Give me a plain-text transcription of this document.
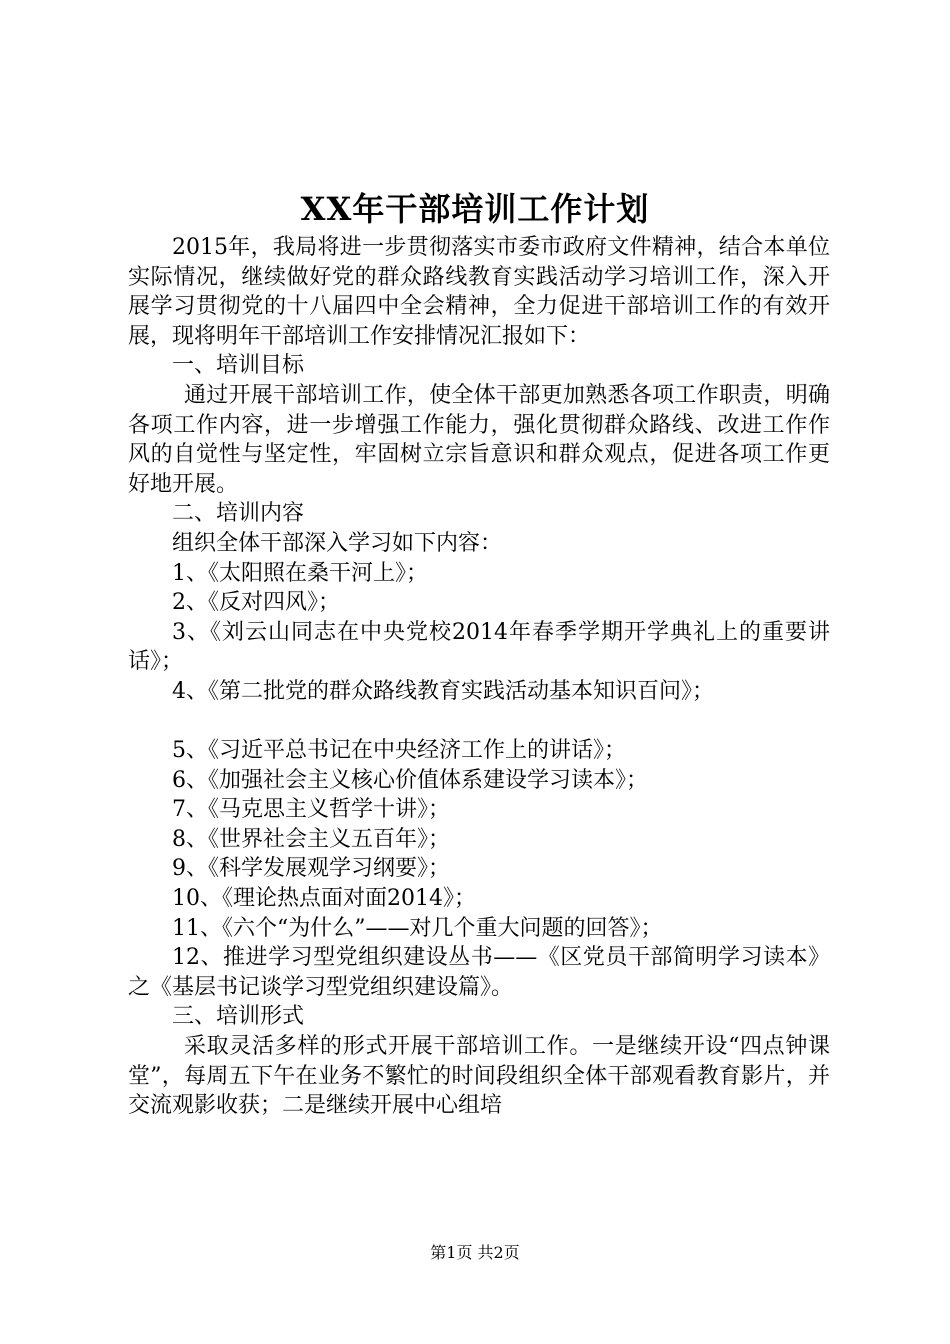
XX年干部培训工作计划

2015年，我局将进一步贯彻落实市委市政府文件精神，结合本单位实际情况，继续做好党的群众路线教育实践活动学习培训工作，深入开展学习贯彻党的十八届四中全会精神，全力促进干部培训工作的有效开展，现将明年干部培训工作安排情况汇报如下：

一、培训目标

通过开展干部培训工作，使全体干部更加熟悉各项工作职责，明确各项工作内容，进一步增强工作能力，强化贯彻群众路线、改进工作作风的自觉性与坚定性，牢固树立宗旨意识和群众观点，促进各项工作更好地开展。

二、培训内容

组织全体干部深入学习如下内容：

1、《太阳照在桑干河上》；

2、《反对四风》；

3、《刘云山同志在中央党校2014年春季学期开学典礼上的重要讲话》；

4、《第二批党的群众路线教育实践活动基本知识百问》；

5、《习近平总书记在中央经济工作上的讲话》；

6、《加强社会主义核心价值体系建设学习读本》；

7、《马克思主义哲学十讲》；

8、《世界社会主义五百年》；

9、《科学发展观学习纲要》；

10、《理论热点面对面2014》；

11、《六个“为什么”——对几个重大问题的回答》；

12、推进学习型党组织建设丛书——《区党员干部简明学习读本》之《基层书记谈学习型党组织建设篇》。

三、培训形式

采取灵活多样的形式开展干部培训工作。一是继续开设“四点钟课堂”，每周五下午在业务不繁忙的时间段组织全体干部观看教育影片，并交流观影收获；二是继续开展中心组培

第1页 共2页
